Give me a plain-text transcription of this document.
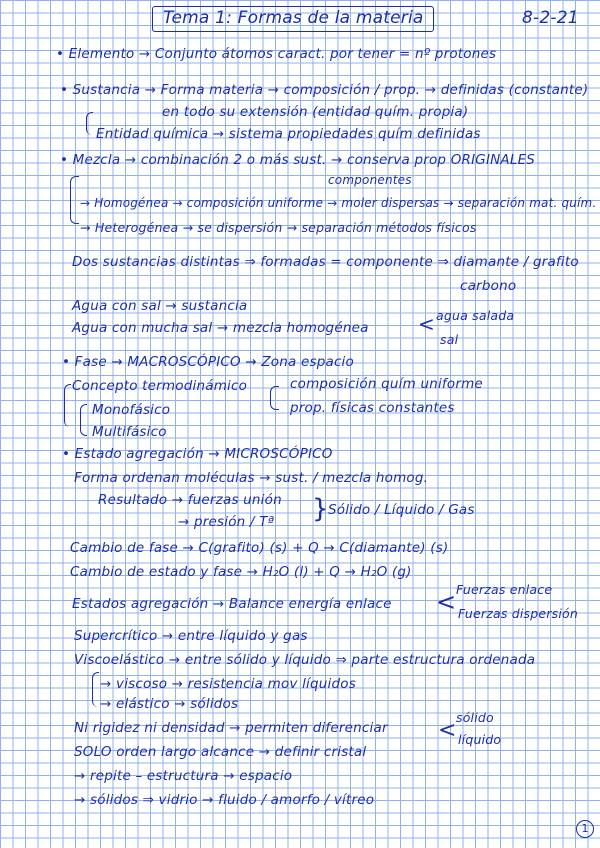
Tema 1: Formas de la materia	8-2-21
• Elemento → Conjunto átomos caract. por tener = nº protones
• Sustancia → Forma materia → composición / prop. → definidas (constante)
en todo su extensión (entidad quím. propia)
Entidad química → sistema propiedades quím definidas
• Mezcla → combinación 2 o más sust. → conserva prop ORIGINALES
componentes
→ Homogénea → composición uniforme → moler dispersas → separación mat. quím.
→ Heterogénea → se dispersión → separación métodos físicos
Dos sustancias distintas ⇒ formadas = componente ⇒ diamante / grafito
carbono
Agua con sal → sustancia
Agua con mucha sal → mezcla homogénea < agua salada
sal
• Fase → MACROSCÓPICO → Zona espacio
Concepto termodinámico	composición quím uniforme
prop. físicas constantes
Monofásico
Multifásico
• Estado agregación → MICROSCÓPICO
Forma ordenan moléculas → sust. / mezcla homog.
Resultado → fuerzas unión
→ presión / Tª } Sólido / Líquido / Gas
Cambio de fase → C(grafito) (s) + Q → C(diamante) (s)
Cambio de estado y fase → H₂O (l) + Q → H₂O (g)
Estados agregación → Balance energía enlace < Fuerzas enlace
Fuerzas dispersión
Supercrítico → entre líquido y gas
Viscoelástico → entre sólido y líquido ⇒ parte estructura ordenada
→ viscoso → resistencia mov líquidos
→ elástico → sólidos
Ni rigidez ni densidad → permiten diferenciar <
sólido
líquido
SOLO orden largo alcance → definir cristal
→ repite – estructura → espacio
→ sólidos ⇒ vidrio → fluido / amorfo / vítreo
1
